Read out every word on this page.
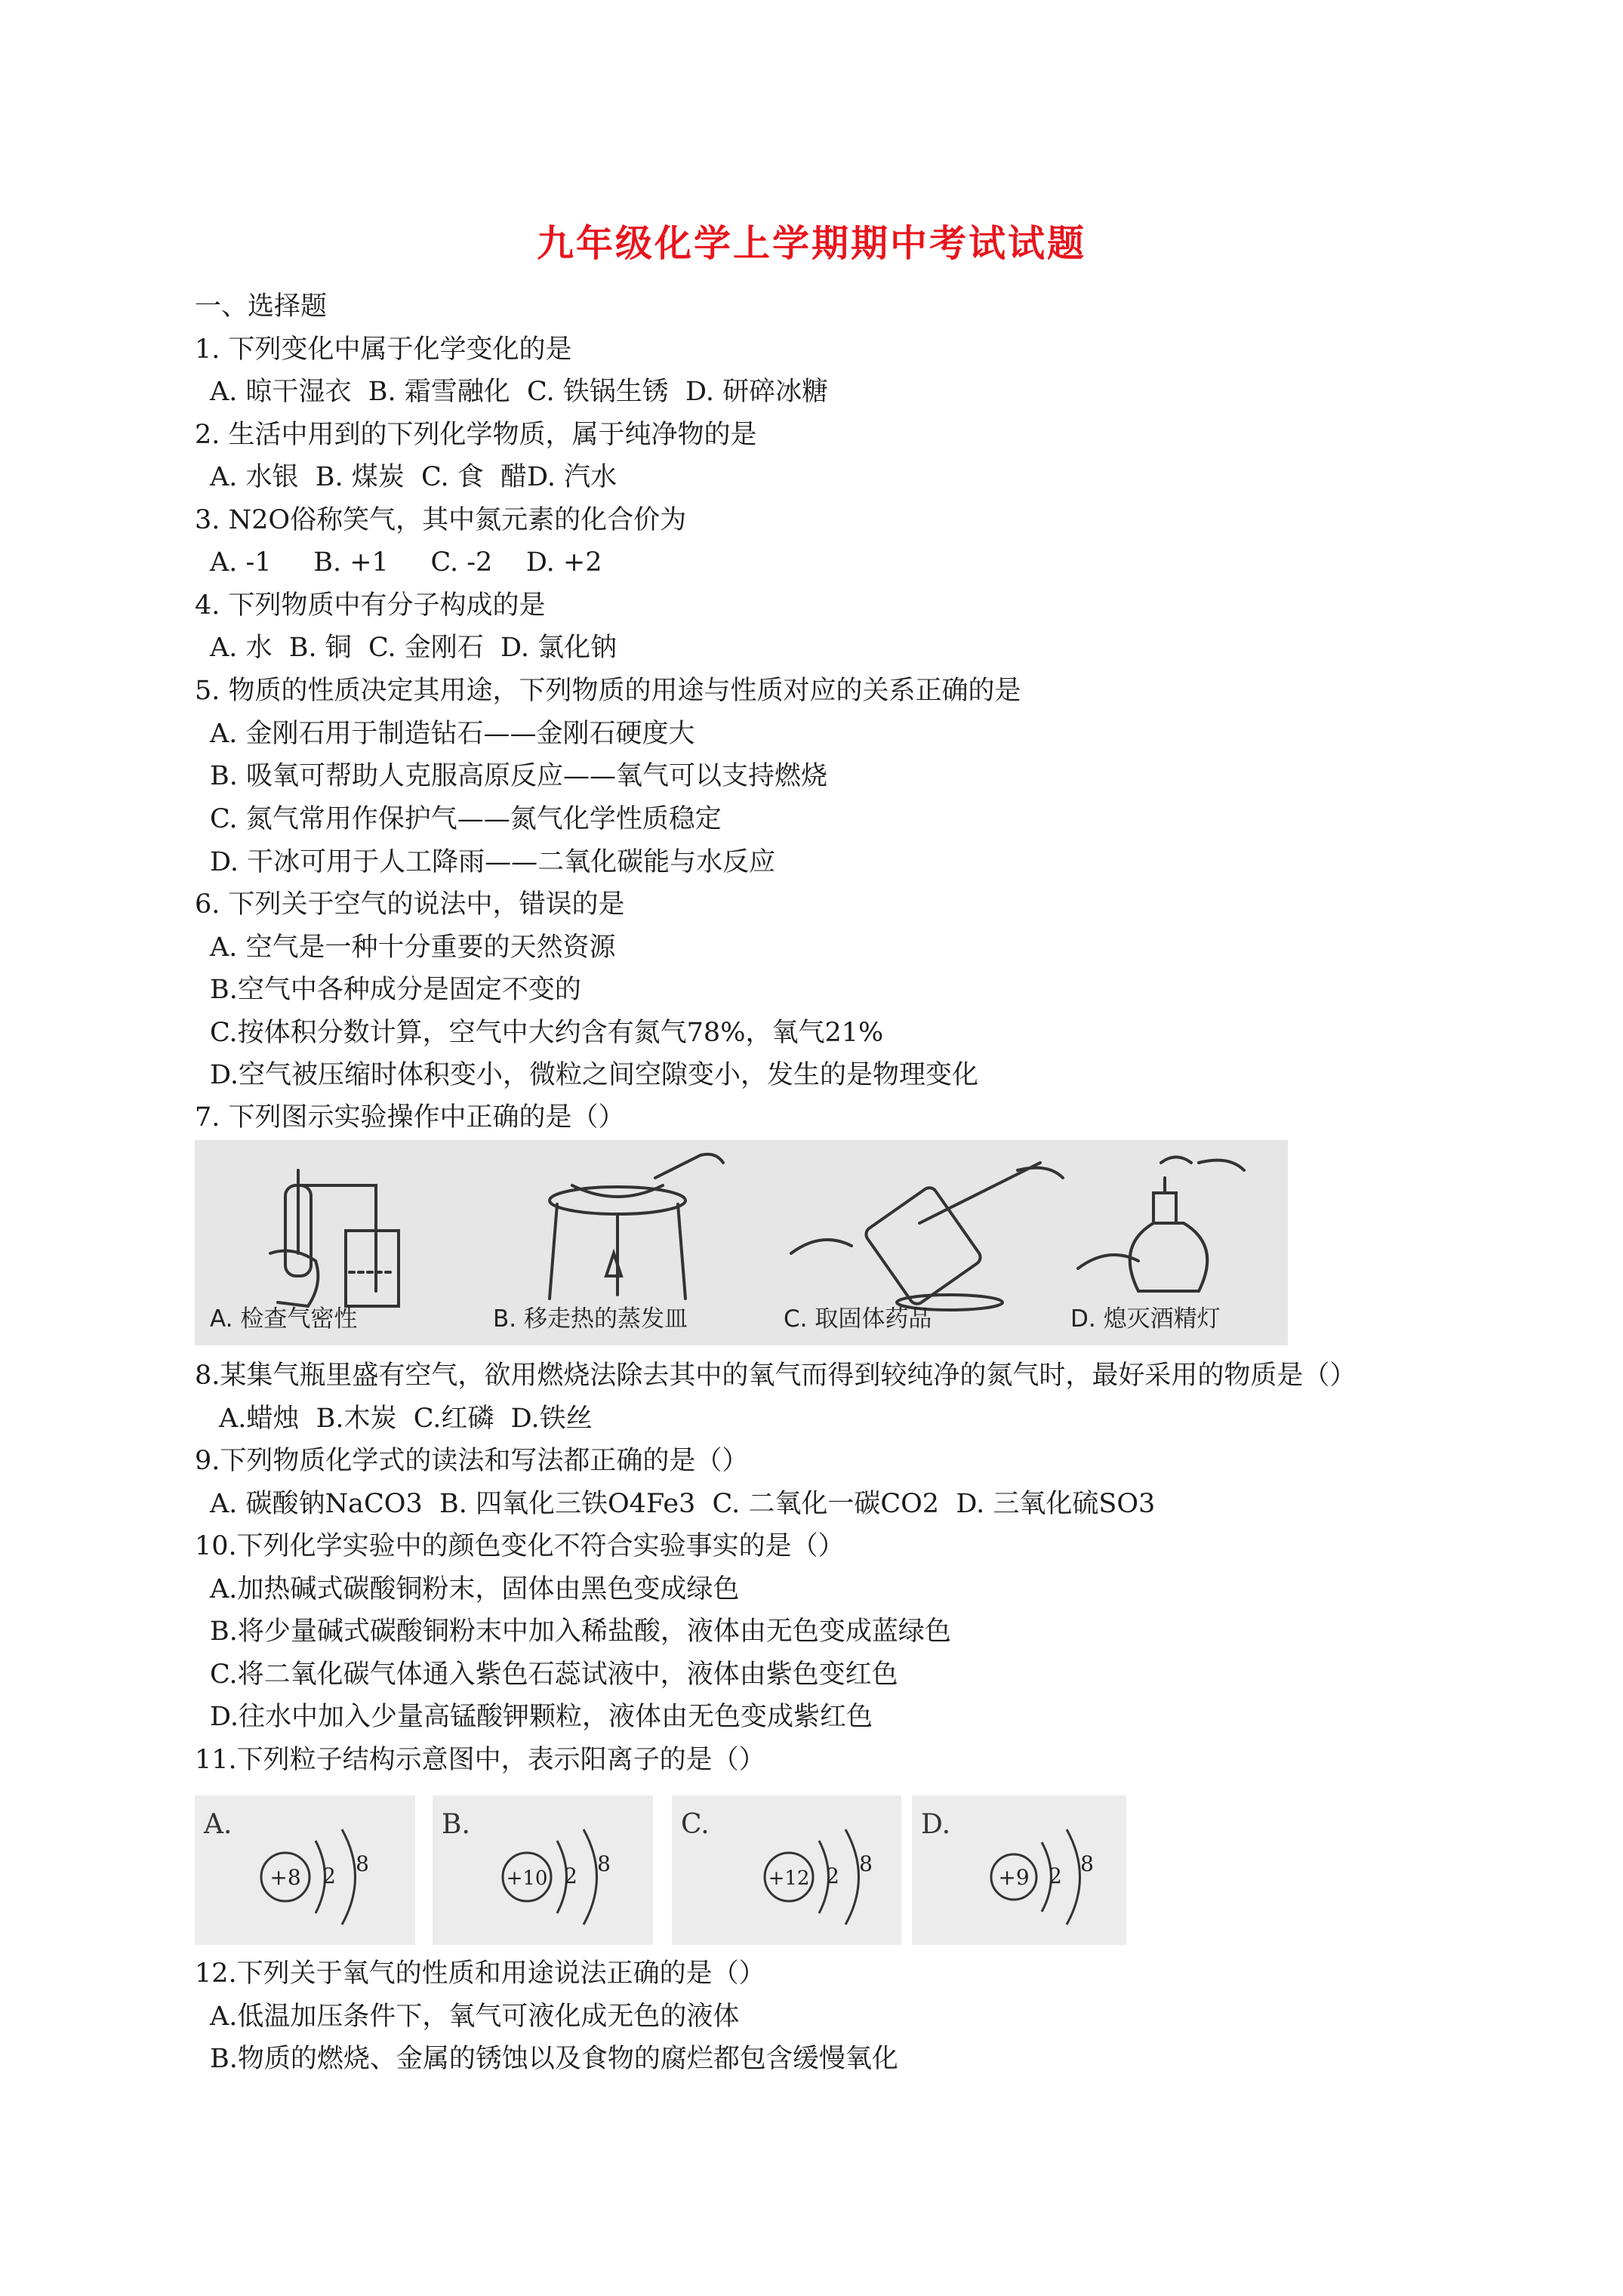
九年级化学上学期期中考试试题
一、选择题
1. 下列变化中属于化学变化的是
A. 晾干湿衣  B. 霜雪融化  C. 铁锅生锈  D. 研碎冰糖
2. 生活中用到的下列化学物质，属于纯净物的是
A. 水银  B. 煤炭  C. 食  醋D. 汽水
3. N2O俗称笑气，其中氮元素的化合价为
A. -1     B. +1     C. -2    D. +2
4. 下列物质中有分子构成的是
A. 水  B. 铜  C. 金刚石  D. 氯化钠
5. 物质的性质决定其用途，下列物质的用途与性质对应的关系正确的是
A. 金刚石用于制造钻石——金刚石硬度大
B. 吸氧可帮助人克服高原反应——氧气可以支持燃烧
C. 氮气常用作保护气——氮气化学性质稳定
D. 干冰可用于人工降雨——二氧化碳能与水反应
6. 下列关于空气的说法中，错误的是
A. 空气是一种十分重要的天然资源
B.空气中各种成分是固定不变的
C.按体积分数计算，空气中大约含有氮气78%，氧气21%
D.空气被压缩时体积变小，微粒之间空隙变小，发生的是物理变化
7. 下列图示实验操作中正确的是（）
A. 检查气密性	B. 移走热的蒸发皿	C. 取固体药品	D. 熄灭酒精灯
8.某集气瓶里盛有空气，欲用燃烧法除去其中的氧气而得到较纯净的氮气时，最好采用的物质是（）
A.蜡烛  B.木炭  C.红磷  D.铁丝
9.下列物质化学式的读法和写法都正确的是（）
A. 碳酸钠NaCO3  B. 四氧化三铁O4Fe3  C. 二氧化一碳CO2  D. 三氧化硫SO3
10.下列化学实验中的颜色变化不符合实验事实的是（）
A.加热碱式碳酸铜粉末，固体由黑色变成绿色
B.将少量碱式碳酸铜粉末中加入稀盐酸，液体由无色变成蓝绿色
C.将二氧化碳气体通入紫色石蕊试液中，液体由紫色变红色
D.往水中加入少量高锰酸钾颗粒，液体由无色变成紫红色
11.下列粒子结构示意图中，表示阳离子的是（）
A.
+8 2 8
B.
+10 2 8
C.
+12 2 8
D.
+9 2 8
12.下列关于氧气的性质和用途说法正确的是（）
A.低温加压条件下，氧气可液化成无色的液体
B.物质的燃烧、金属的锈蚀以及食物的腐烂都包含缓慢氧化
